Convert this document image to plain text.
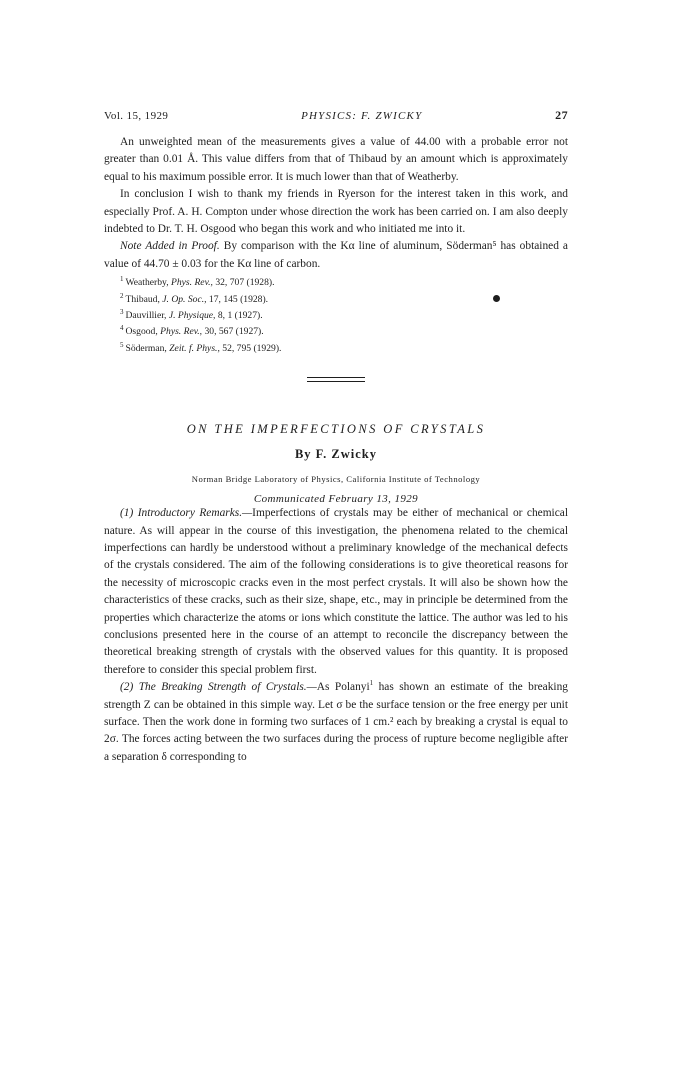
Vol. 15, 1929	PHYSICS: F. ZWICKY	27

An unweighted mean of the measurements gives a value of 44.00 with a probable error not greater than 0.01 Å. This value differs from that of Thibaud by an amount which is approximately equal to his maximum possible error. It is much lower than that of Weatherby.

In conclusion I wish to thank my friends in Ryerson for the interest taken in this work, and especially Prof. A. H. Compton under whose direction the work has been carried on. I am also deeply indebted to Dr. T. H. Osgood who began this work and who initiated me into it.

Note Added in Proof. By comparison with the Kα line of aluminum, Söderman⁵ has obtained a value of 44.70 ± 0.03 for the Kα line of carbon.

$^1$ Weatherby, Phys. Rev., 32, 707 (1928).
$^2$ Thibaud, J. Op. Soc., 17, 145 (1928).
$^3$ Dauvillier, J. Physique, 8, 1 (1927).
$^4$ Osgood, Phys. Rev., 30, 567 (1927).
$^5$ Söderman, Zeit. f. Phys., 52, 795 (1929).
ON THE IMPERFECTIONS OF CRYSTALS
By F. Zwicky
Norman Bridge Laboratory of Physics, California Institute of Technology
Communicated February 13, 1929

(1) Introductory Remarks.—Imperfections of crystals may be either of mechanical or chemical nature. As will appear in the course of this investigation, the phenomena related to the chemical imperfections can hardly be understood without a preliminary knowledge of the mechanical defects of the crystals considered. The aim of the following considerations is to give theoretical reasons for the necessity of microscopic cracks even in the most perfect crystals. It will also be shown how the characteristics of these cracks, such as their size, shape, etc., may in principle be determined from the properties which characterize the atoms or ions which constitute the lattice. The author was led to his conclusions presented here in the course of an attempt to reconcile the discrepancy between the theoretical breaking strength of crystals with the observed values for this quantity. It is proposed therefore to consider this special problem first.

(2) The Breaking Strength of Crystals.—As Polanyi$^1$ has shown an estimate of the breaking strength Z can be obtained in this simple way. Let σ be the surface tension or the free energy per unit surface. Then the work done in forming two surfaces of 1 cm.² each by breaking a crystal is equal to 2σ. The forces acting between the two surfaces during the process of rupture become negligible after a separation δ corresponding to
